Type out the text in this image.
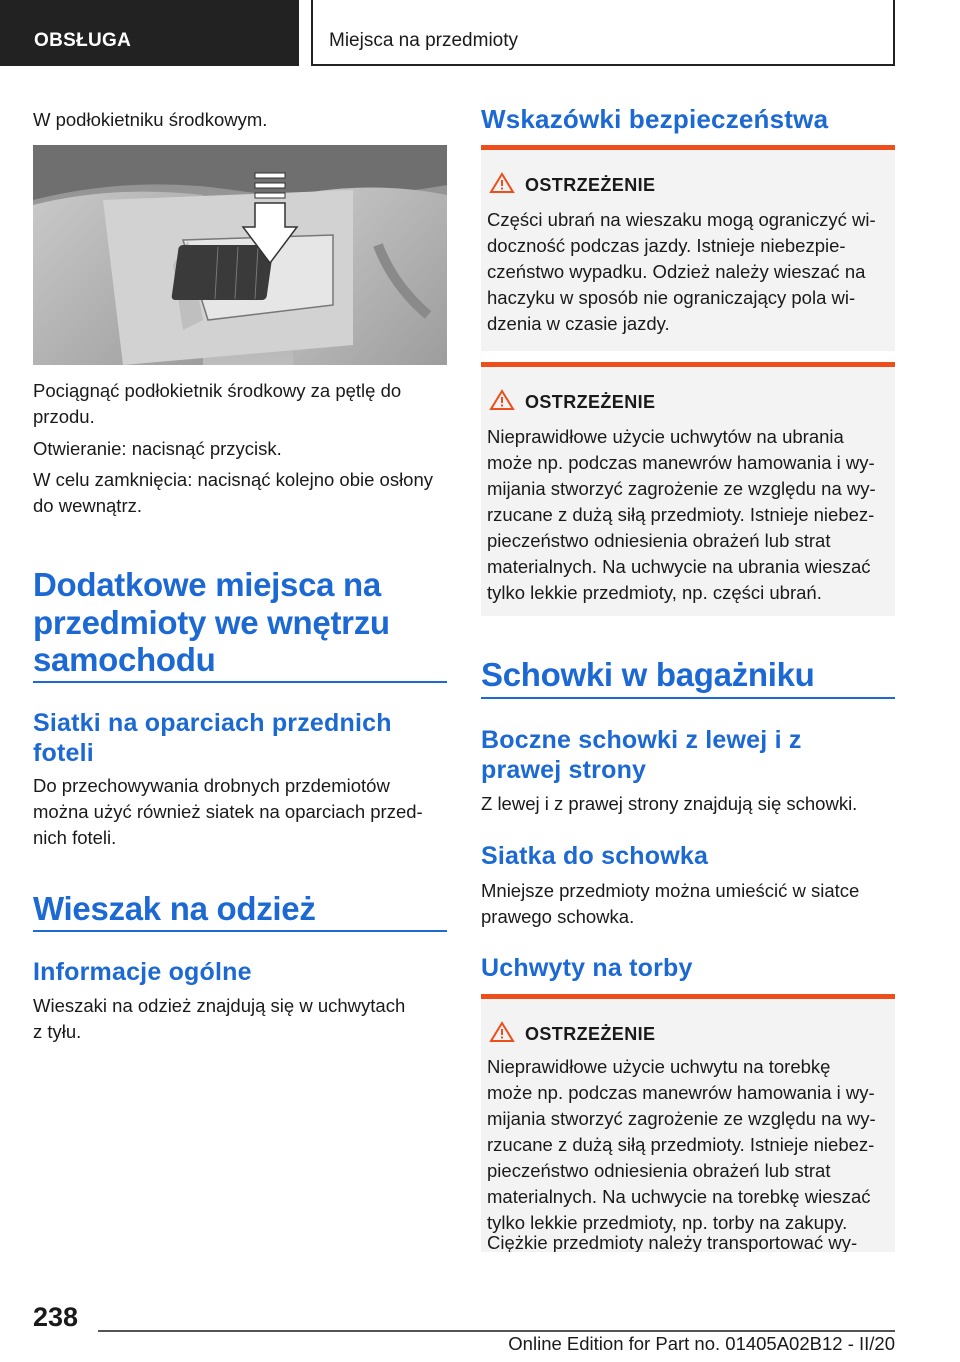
OBSŁUGA	Miejsca na przedmioty

W podłokietniku środkowym.

Pociągnąć podłokietnik środkowy za pętlę do

przodu.

Otwieranie: nacisnąć przycisk.

W celu zamknięcia: nacisnąć kolejno obie osłony

do wewnątrz.

Dodatkowe miejsca na
przedmioty we wnętrzu
samochodu
Siatki na oparciach przednich
foteli

Do przechowywania drobnych przdemiotów

można użyć również siatek na oparciach przed‐

nich foteli.

Wieszak na odzież
Informacje ogólne

Wieszaki na odzież znajdują się w uchwytach

z tyłu.

Wskazówki bezpieczeństwa
OSTRZEŻENIE
Części ubrań na wieszaku mogą ograniczyć wi‐
doczność podczas jazdy. Istnieje niebezpie‐
czeństwo wypadku. Odzież należy wieszać na
haczyku w sposób nie ograniczający pola wi‐
dzenia w czasie jazdy.
OSTRZEŻENIE
Nieprawidłowe użycie uchwytów na ubrania
może np. podczas manewrów hamowania i wy‐
mijania stworzyć zagrożenie ze względu na wy‐
rzucane z dużą siłą przedmioty. Istnieje niebez‐
pieczeństwo odniesienia obrażeń lub strat
materialnych. Na uchwycie na ubrania wieszać
tylko lekkie przedmioty, np. części ubrań.
Schowki w bagażniku
Boczne schowki z lewej i z
prawej strony

Z lewej i z prawej strony znajdują się schowki.

Siatka do schowka

Mniejsze przedmioty można umieścić w siatce

prawego schowka.

Uchwyty na torby
OSTRZEŻENIE
Nieprawidłowe użycie uchwytu na torebkę
może np. podczas manewrów hamowania i wy‐
mijania stworzyć zagrożenie ze względu na wy‐
rzucane z dużą siłą przedmioty. Istnieje niebez‐
pieczeństwo odniesienia obrażeń lub strat
materialnych. Na uchwycie na torebkę wieszać
tylko lekkie przedmioty, np. torby na zakupy.
Ciężkie przedmioty należy transportować wy‐
238
Online Edition for Part no. 01405A02B12 - II/20
